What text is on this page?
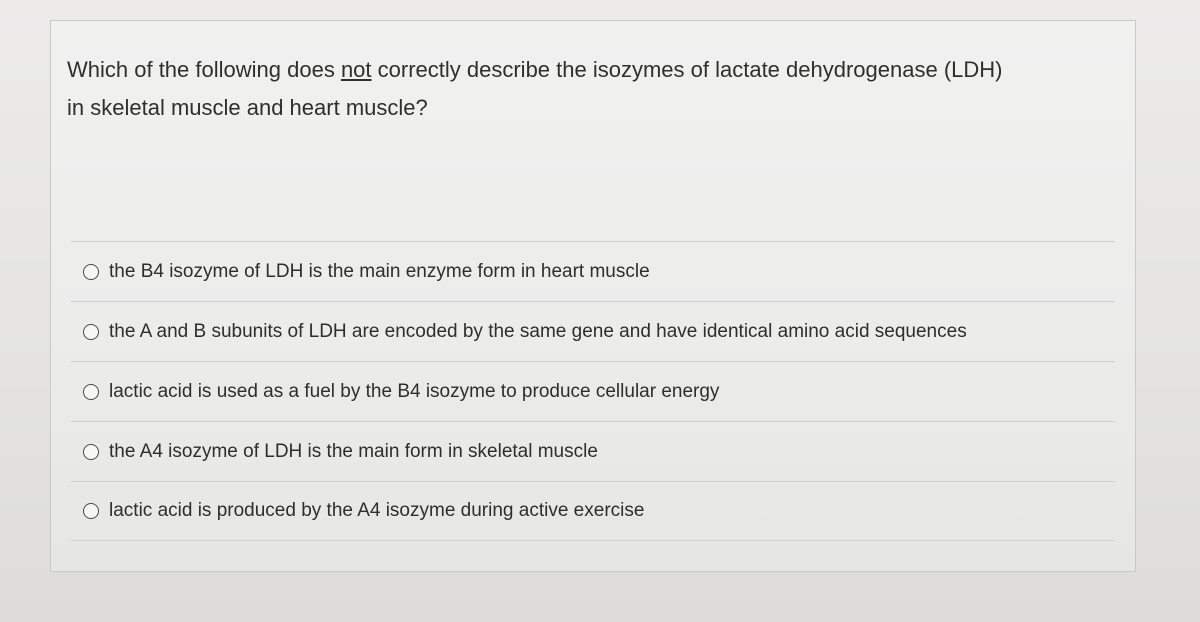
Which of the following does not correctly describe the isozymes of lactate dehydrogenase (LDH)
in skeletal muscle and heart muscle?
the B4 isozyme of LDH is the main enzyme form in heart muscle
the A and B subunits of LDH are encoded by the same gene and have identical amino acid sequences
lactic acid is used as a fuel by the B4 isozyme to produce cellular energy
the A4 isozyme of LDH is the main form in skeletal muscle
lactic acid is produced by the A4 isozyme during active exercise
